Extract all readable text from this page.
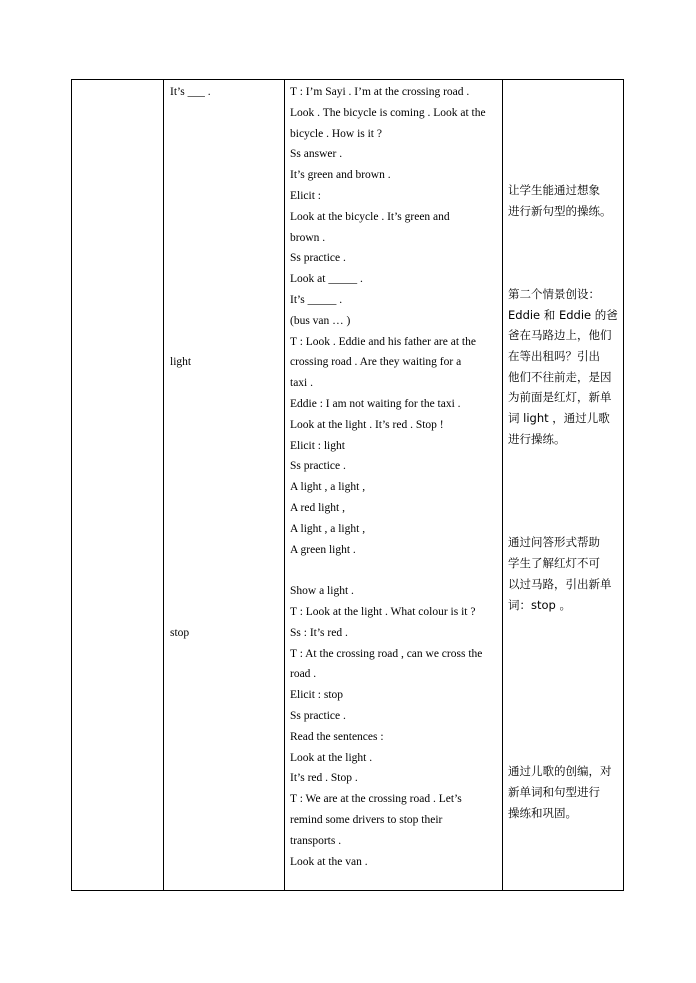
It’s ___ .
light
stop
T : I’m Sayi . I’m at the crossing road .
Look . The bicycle is coming . Look at the
bicycle . How is it ?
Ss answer .
It’s green and brown .
Elicit :
Look at the bicycle . It’s green and
brown .
Ss practice .
Look at _____ .
It’s _____ .
(bus van … )
T : Look . Eddie and his father are at the
crossing road . Are they waiting for a
taxi .
Eddie : I am not waiting for the taxi .
Look at the light . It’s red . Stop !
Elicit : light
Ss practice .
A light , a light ,
A red light ,
A light , a light ,
A green light .
Show a light .
T : Look at the light . What colour is it ?
Ss : It’s red .
T : At the crossing road , can we cross the
road .
Elicit : stop
Ss practice .
Read the sentences :
Look at the light .
It’s red . Stop .
T : We are at the crossing road . Let’s
remind some drivers to stop their
transports .
Look at the van .
让学生能通过想象
进行新句型的操练。
第二个情景创设：
Eddie 和 Eddie 的爸
爸在马路边上，他们
在等出租吗？引出
他们不往前走，是因
为前面是红灯，新单
词 light ，通过儿歌
进行操练。
通过问答形式帮助
学生了解红灯不可
以过马路，引出新单
词：stop 。
通过儿歌的创编，对
新单词和句型进行
操练和巩固。
